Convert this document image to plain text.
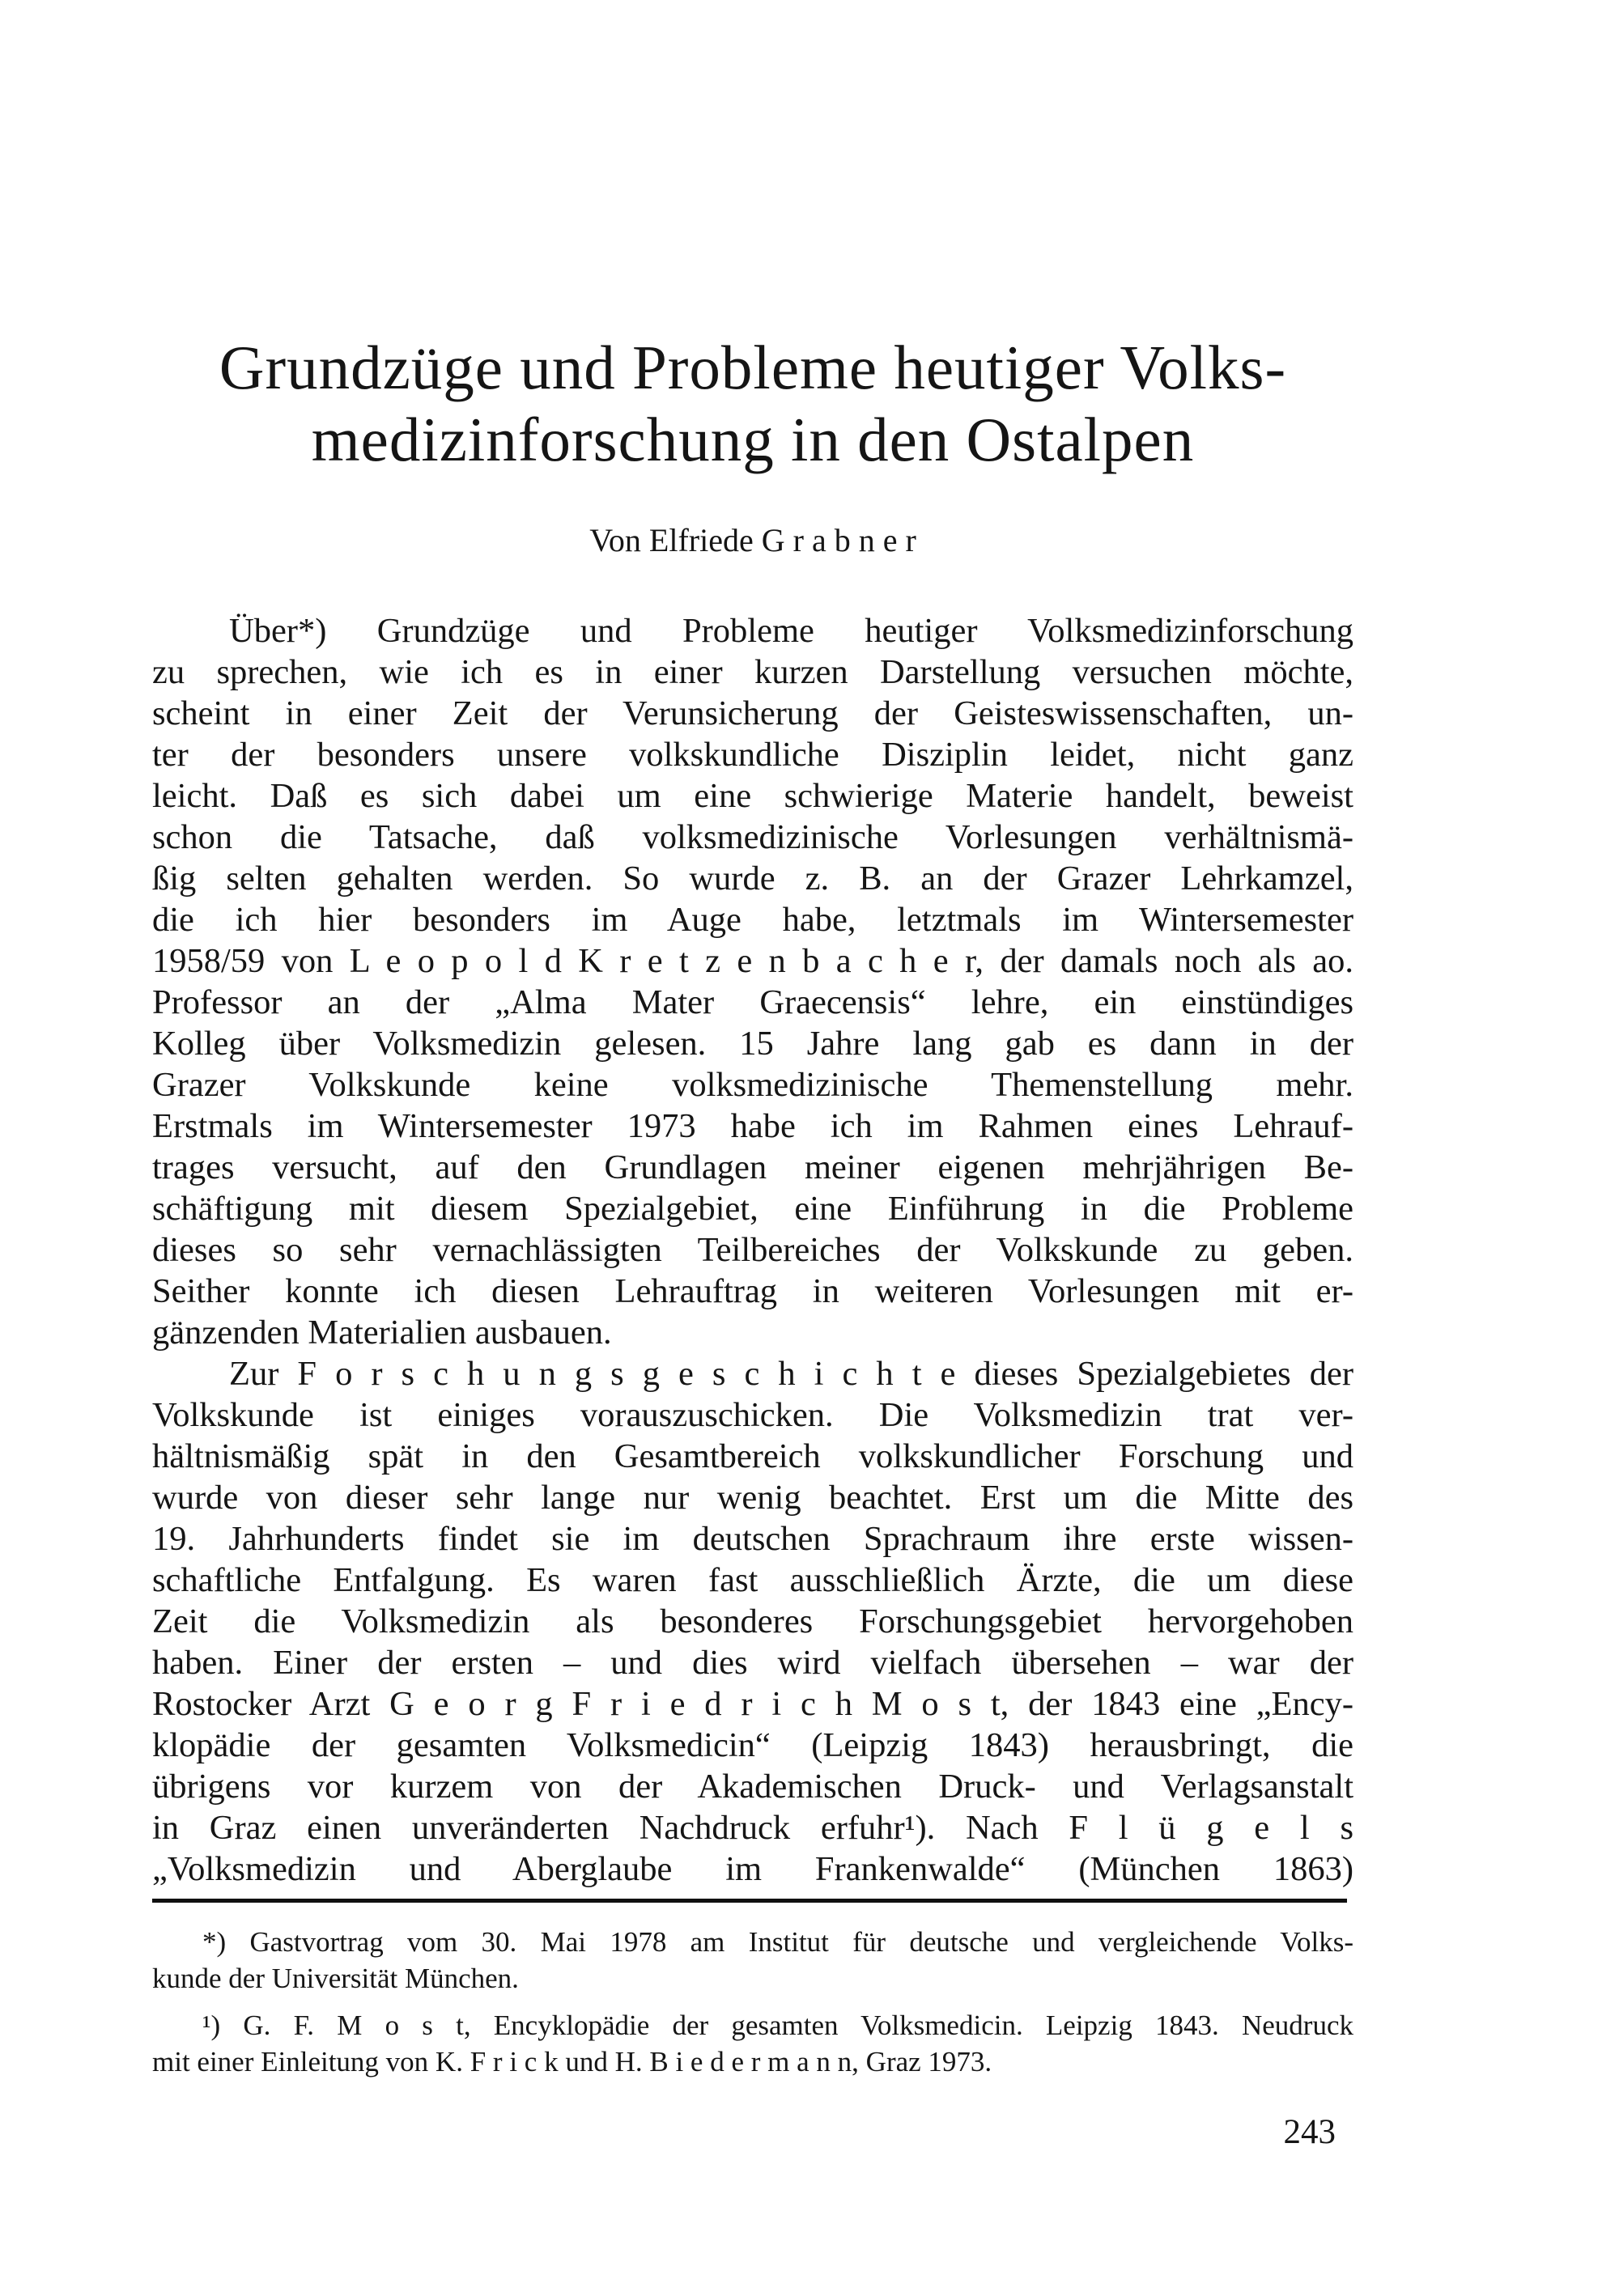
Grundzüge und Probleme heutiger Volks-
medizinforschung in den Ostalpen
Von Elfriede G r a b n e r
Über*) Grundzüge und Probleme heutiger Volksmedizinforschung
zu sprechen, wie ich es in einer kurzen Darstellung versuchen möchte,
scheint in einer Zeit der Verunsicherung der Geisteswissenschaften, un-
ter der besonders unsere volkskundliche Disziplin leidet, nicht ganz
leicht. Daß es sich dabei um eine schwierige Materie handelt, beweist
schon die Tatsache, daß volksmedizinische Vorlesungen verhältnismä-
ßig selten gehalten werden. So wurde z. B. an der Grazer Lehrkamzel,
die ich hier besonders im Auge habe, letztmals im Wintersemester
1958/59 von L e o p o l d K r e t z e n b a c h e r, der damals noch als ao.
Professor an der „Alma Mater Graecensis“ lehre, ein einstündiges
Kolleg über Volksmedizin gelesen. 15 Jahre lang gab es dann in der
Grazer Volkskunde keine volksmedizinische Themenstellung mehr.
Erstmals im Wintersemester 1973 habe ich im Rahmen eines Lehrauf-
trages versucht, auf den Grundlagen meiner eigenen mehrjährigen Be-
schäftigung mit diesem Spezialgebiet, eine Einführung in die Probleme
dieses so sehr vernachlässigten Teilbereiches der Volkskunde zu geben.
Seither konnte ich diesen Lehrauftrag in weiteren Vorlesungen mit er-
gänzenden Materialien ausbauen.
Zur F o r s c h u n g s g e s c h i c h t e dieses Spezialgebietes der
Volkskunde ist einiges vorauszuschicken. Die Volksmedizin trat ver-
hältnismäßig spät in den Gesamtbereich volkskundlicher Forschung und
wurde von dieser sehr lange nur wenig beachtet. Erst um die Mitte des
19. Jahrhunderts findet sie im deutschen Sprachraum ihre erste wissen-
schaftliche Entfalgung. Es waren fast ausschließlich Ärzte, die um diese
Zeit die Volksmedizin als besonderes Forschungsgebiet hervorgehoben
haben. Einer der ersten – und dies wird vielfach übersehen – war der
Rostocker Arzt G e o r g F r i e d r i c h M o s t, der 1843 eine „Ency-
klopädie der gesamten Volksmedicin“ (Leipzig 1843) herausbringt, die
übrigens vor kurzem von der Akademischen Druck- und Verlagsanstalt
in Graz einen unveränderten Nachdruck erfuhr¹). Nach F l ü g e l s
„Volksmedizin und Aberglaube im Frankenwalde“ (München 1863)
*) Gastvortrag vom 30. Mai 1978 am Institut für deutsche und vergleichende Volks-
kunde der Universität München.
¹) G. F. M o s t, Encyklopädie der gesamten Volksmedicin. Leipzig 1843. Neudruck
mit einer Einleitung von K. F r i c k und H. B i e d e r m a n n, Graz 1973.
243
